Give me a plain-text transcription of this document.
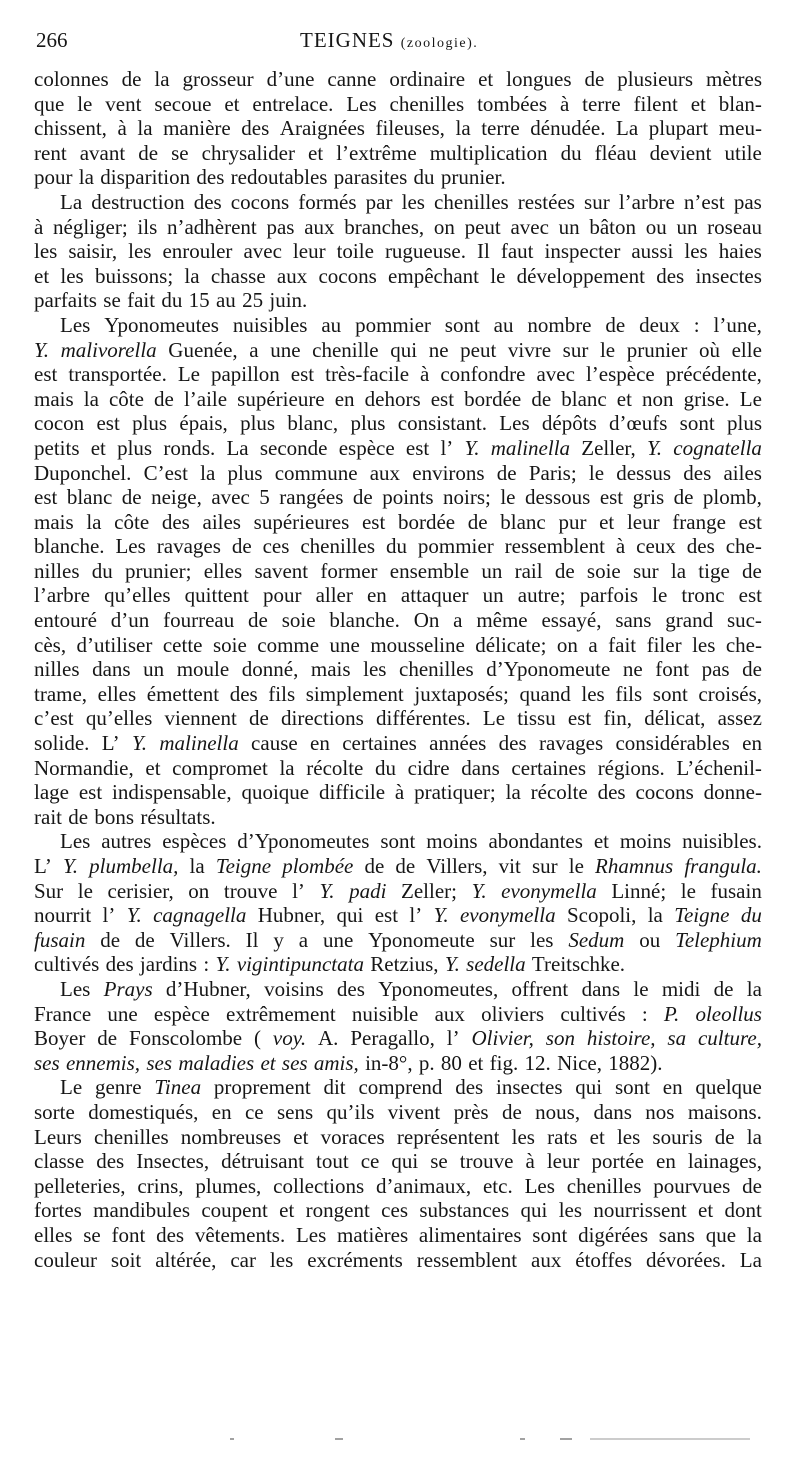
266	TEIGNES (zoologie).
colonnes de la grosseur d’une canne ordinaire et longues de plusieurs mètres
que le vent secoue et entrelace. Les chenilles tombées à terre filent et blan-
chissent, à la manière des Araignées fileuses, la terre dénudée. La plupart meu-
rent avant de se chrysalider et l’extrême multiplication du fléau devient utile
pour la disparition des redoutables parasites du prunier.
La destruction des cocons formés par les chenilles restées sur l’arbre n’est pas
à négliger; ils n’adhèrent pas aux branches, on peut avec un bâton ou un roseau
les saisir, les enrouler avec leur toile rugueuse. Il faut inspecter aussi les haies
et les buissons; la chasse aux cocons empêchant le développement des insectes
parfaits se fait du 15 au 25 juin.
Les Yponomeutes nuisibles au pommier sont au nombre de deux : l’une,
Y. malivorella Guenée, a une chenille qui ne peut vivre sur le prunier où elle
est transportée. Le papillon est très-facile à confondre avec l’espèce précédente,
mais la côte de l’aile supérieure en dehors est bordée de blanc et non grise. Le
cocon est plus épais, plus blanc, plus consistant. Les dépôts d’œufs sont plus
petits et plus ronds. La seconde espèce est l’ Y. malinella Zeller, Y. cognatella
Duponchel. C’est la plus commune aux environs de Paris; le dessus des ailes
est blanc de neige, avec 5 rangées de points noirs; le dessous est gris de plomb,
mais la côte des ailes supérieures est bordée de blanc pur et leur frange est
blanche. Les ravages de ces chenilles du pommier ressemblent à ceux des che-
nilles du prunier; elles savent former ensemble un rail de soie sur la tige de
l’arbre qu’elles quittent pour aller en attaquer un autre; parfois le tronc est
entouré d’un fourreau de soie blanche. On a même essayé, sans grand suc-
cès, d’utiliser cette soie comme une mousseline délicate; on a fait filer les che-
nilles dans un moule donné, mais les chenilles d’Yponomeute ne font pas de
trame, elles émettent des fils simplement juxtaposés; quand les fils sont croisés,
c’est qu’elles viennent de directions différentes. Le tissu est fin, délicat, assez
solide. L’ Y. malinella cause en certaines années des ravages considérables en
Normandie, et compromet la récolte du cidre dans certaines régions. L’échenil-
lage est indispensable, quoique difficile à pratiquer; la récolte des cocons donne-
rait de bons résultats.
Les autres espèces d’Yponomeutes sont moins abondantes et moins nuisibles.
L’ Y. plumbella, la Teigne plombée de de Villers, vit sur le Rhamnus frangula.
Sur le cerisier, on trouve l’ Y. padi Zeller; Y. evonymella Linné; le fusain
nourrit l’ Y. cagnagella Hubner, qui est l’ Y. evonymella Scopoli, la Teigne du
fusain de de Villers. Il y a une Yponomeute sur les Sedum ou Telephium
cultivés des jardins : Y. vigintipunctata Retzius, Y. sedella Treitschke.
Les Prays d’Hubner, voisins des Yponomeutes, offrent dans le midi de la
France une espèce extrêmement nuisible aux oliviers cultivés : P. oleollus
Boyer de Fonscolombe ( voy. A. Peragallo, l’ Olivier, son histoire, sa culture,
ses ennemis, ses maladies et ses amis, in-8°, p. 80 et fig. 12. Nice, 1882).
Le genre Tinea proprement dit comprend des insectes qui sont en quelque
sorte domestiqués, en ce sens qu’ils vivent près de nous, dans nos maisons.
Leurs chenilles nombreuses et voraces représentent les rats et les souris de la
classe des Insectes, détruisant tout ce qui se trouve à leur portée en lainages,
pelleteries, crins, plumes, collections d’animaux, etc. Les chenilles pourvues de
fortes mandibules coupent et rongent ces substances qui les nourrissent et dont
elles se font des vêtements. Les matières alimentaires sont digérées sans que la
couleur soit altérée, car les excréments ressemblent aux étoffes dévorées. La
